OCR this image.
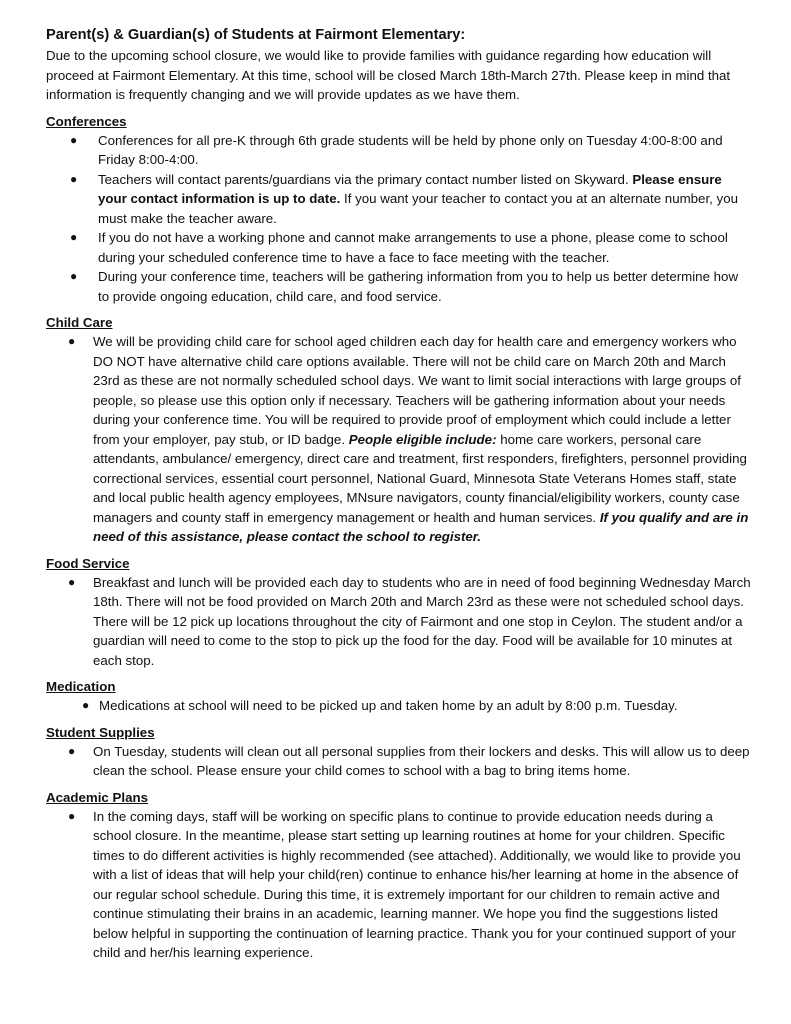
Parent(s) & Guardian(s) of Students at Fairmont Elementary:

Due to the upcoming school closure, we would like to provide families with guidance regarding how education will proceed at Fairmont Elementary. At this time, school will be closed March 18th-March 27th. Please keep in mind that information is frequently changing and we will provide updates as we have them.

Conferences
● Conferences for all pre-K through 6th grade students will be held by phone only on Tuesday 4:00-8:00 and Friday 8:00-4:00.
● Teachers will contact parents/guardians via the primary contact number listed on Skyward. Please ensure your contact information is up to date. If you want your teacher to contact you at an alternate number, you must make the teacher aware.
● If you do not have a working phone and cannot make arrangements to use a phone, please come to school during your scheduled conference time to have a face to face meeting with the teacher.
● During your conference time, teachers will be gathering information from you to help us better determine how to provide ongoing education, child care, and food service.
Child Care
● We will be providing child care for school aged children each day for health care and emergency workers who DO NOT have alternative child care options available. There will not be child care on March 20th and March 23rd as these are not normally scheduled school days. We want to limit social interactions with large groups of people, so please use this option only if necessary. Teachers will be gathering information about your needs during your conference time. You will be required to provide proof of employment which could include a letter from your employer, pay stub, or ID badge. People eligible include: home care workers, personal care attendants, ambulance/ emergency, direct care and treatment, first responders, firefighters, personnel providing correctional services, essential court personnel, National Guard, Minnesota State Veterans Homes staff, state and local public health agency employees, MNsure navigators, county financial/eligibility workers, county case managers and county staff in emergency management or health and human services. If you qualify and are in need of this assistance, please contact the school to register.
Food Service
● Breakfast and lunch will be provided each day to students who are in need of food beginning Wednesday March 18th. There will not be food provided on March 20th and March 23rd as these were not scheduled school days. There will be 12 pick up locations throughout the city of Fairmont and one stop in Ceylon. The student and/or a guardian will need to come to the stop to pick up the food for the day. Food will be available for 10 minutes at each stop.
Medication
● Medications at school will need to be picked up and taken home by an adult by 8:00 p.m. Tuesday.
Student Supplies
● On Tuesday, students will clean out all personal supplies from their lockers and desks. This will allow us to deep clean the school. Please ensure your child comes to school with a bag to bring items home.
Academic Plans
● In the coming days, staff will be working on specific plans to continue to provide education needs during a school closure. In the meantime, please start setting up learning routines at home for your children. Specific times to do different activities is highly recommended (see attached). Additionally, we would like to provide you with a list of ideas that will help your child(ren) continue to enhance his/her learning at home in the absence of our regular school schedule. During this time, it is extremely important for our children to remain active and continue stimulating their brains in an academic, learning manner. We hope you find the suggestions listed below helpful in supporting the continuation of learning practice. Thank you for your continued support of your child and her/his learning experience.
